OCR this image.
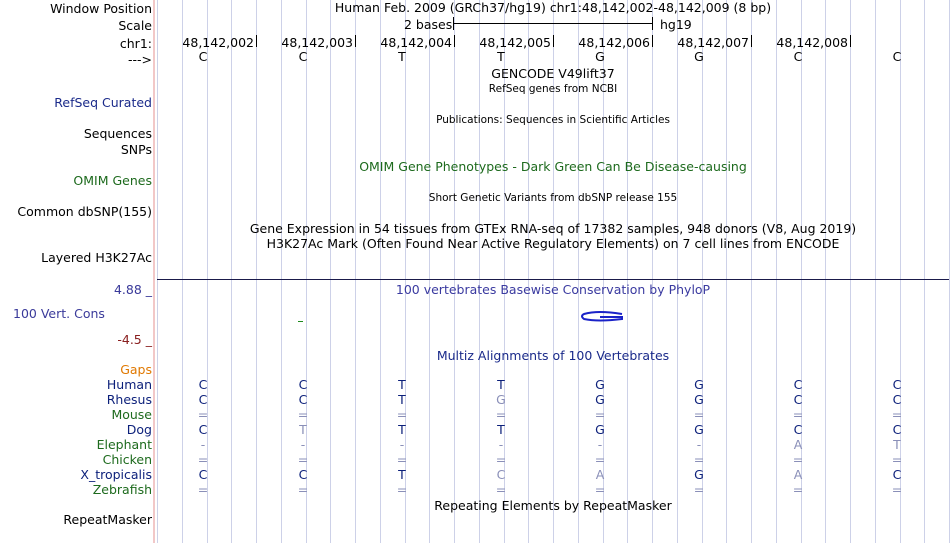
Window Position	Human Feb. 2009 (GRCh37/hg19) chr1:48,142,002-48,142,009 (8 bp)
Scale	2 bases	hg19
chr1: 48,142,002 48,142,003 48,142,004 48,142,005 48,142,006 48,142,007 48,142,008
--->	C	C	T	T	G	G	C	C
GENCODE V49lift37
RefSeq genes from NCBI
RefSeq Curated
Publications: Sequences in Scientific Articles
Sequences
SNPs
OMIM Gene Phenotypes - Dark Green Can Be Disease-causing
OMIM Genes
Short Genetic Variants from dbSNP release 155
Common dbSNP(155)
Gene Expression in 54 tissues from GTEx RNA-seq of 17382 samples, 948 donors (V8, Aug 2019)
H3K27Ac Mark (Often Found Near Active Regulatory Elements) on 7 cell lines from ENCODE
Layered H3K27Ac
4.88 _	100 vertebrates Basewise Conservation by PhyloP
100 Vert. Cons
-4.5 _
Multiz Alignments of 100 Vertebrates
Gaps
Human	C	C	T	T	G	G	C	C
Rhesus	C	C	T	G	G	G	C	C
Mouse	=	=	=	=	=	=	=	=
Dog	C	T	T	T	G	G	C	C
Elephant	-	-	-	-	-	-	A	T
Chicken	=	=	=	=	=	=	=	=
X_tropicalis	C	C	T	C	A	G	A	C
Zebrafish	=	=	=	=	=	=	=	=
Repeating Elements by RepeatMasker
RepeatMasker
